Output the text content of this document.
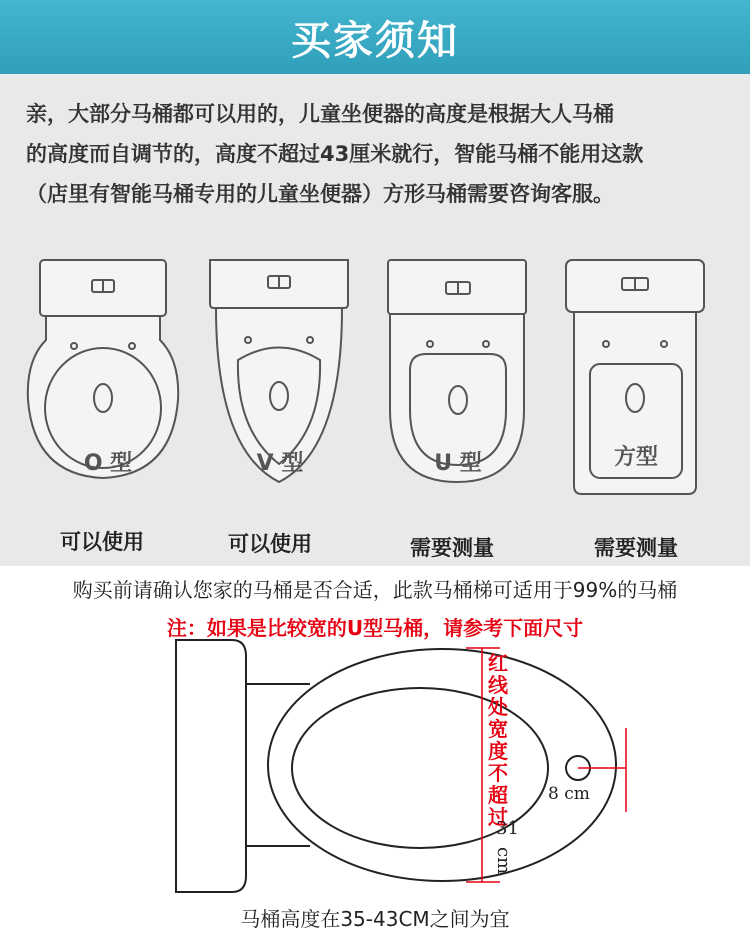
买家须知

亲，大部分马桶都可以用的，儿童坐便器的高度是根据大人马桶

的高度而自调节的，高度不超过43厘米就行，智能马桶不能用这款

（店里有智能马桶专用的儿童坐便器）方形马桶需要咨询客服。

O 型	V 型	U 型	方型
可以使用	可以使用	需要测量	需要测量
购买前请确认您家的马桶是否合适，此款马桶梯可适用于99%的马桶
注：如果是比较宽的U型马桶，请参考下面尺寸
红线处宽度不超过
31
cm
8 cm
马桶高度在35-43CM之间为宜
